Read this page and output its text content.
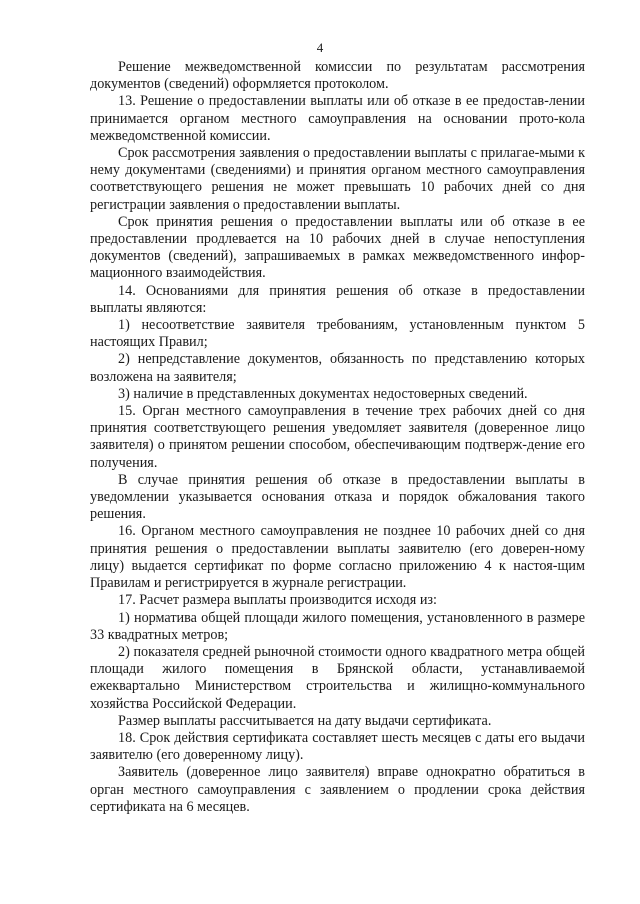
4

Решение межведомственной комиссии по результатам рассмотрения документов (сведений) оформляется протоколом.

13. Решение о предоставлении выплаты или об отказе в ее предостав-лении принимается органом местного самоуправления на основании прото-кола межведомственной комиссии.

Срок рассмотрения заявления о предоставлении выплаты с прилагае-мыми к нему документами (сведениями) и принятия органом местного самоуправления соответствующего решения не может превышать 10 рабочих дней со дня регистрации заявления о предоставлении выплаты.

Срок принятия решения о предоставлении выплаты или об отказе в ее предоставлении продлевается на 10 рабочих дней в случае непоступления документов (сведений), запрашиваемых в рамках межведомственного инфор-мационного взаимодействия.

14. Основаниями для принятия решения об отказе в предоставлении выплаты являются:

1) несоответствие заявителя требованиям, установленным пунктом 5 настоящих Правил;

2) непредставление документов, обязанность по представлению которых возложена на заявителя;

3) наличие в представленных документах недостоверных сведений.

15. Орган местного самоуправления в течение трех рабочих дней со дня принятия соответствующего решения уведомляет заявителя (доверенное лицо заявителя) о принятом решении способом, обеспечивающим подтверж-дение его получения.

В случае принятия решения об отказе в предоставлении выплаты в уведомлении указывается основания отказа и порядок обжалования такого решения.

16. Органом местного самоуправления не позднее 10 рабочих дней со дня принятия решения о предоставлении выплаты заявителю (его доверен-ному лицу) выдается сертификат по форме согласно приложению 4 к настоя-щим Правилам и регистрируется в журнале регистрации.

17. Расчет размера выплаты производится исходя из:

1) норматива общей площади жилого помещения, установленного в размере 33 квадратных метров;

2) показателя средней рыночной стоимости одного квадратного метра общей площади жилого помещения в Брянской области, устанавливаемой ежеквартально Министерством строительства и жилищно-коммунального хозяйства Российской Федерации.

Размер выплаты рассчитывается на дату выдачи сертификата.

18. Срок действия сертификата составляет шесть месяцев с даты его выдачи заявителю (его доверенному лицу).

Заявитель (доверенное лицо заявителя) вправе однократно обратиться в орган местного самоуправления с заявлением о продлении срока действия сертификата на 6 месяцев.
